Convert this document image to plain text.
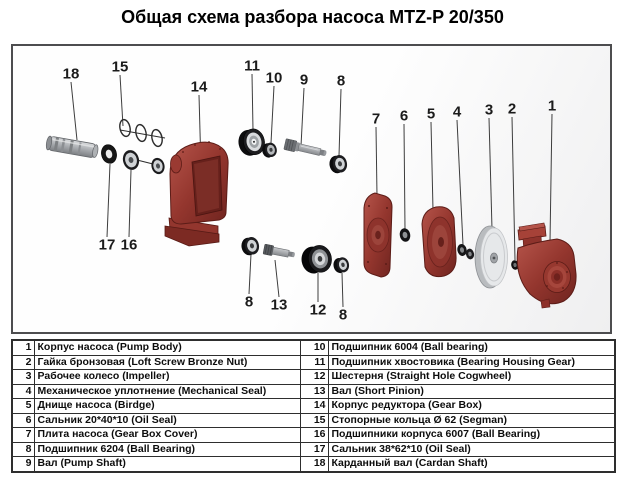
Общая схема разбора насоса MTZ-P 20/350
18 15
14
11
10 9 8
7 6 5 4 3 2 1
17 16
8 13 12 8
1	Корпус насоса (Pump Body)	10	Подшипник 6004 (Ball bearing)
2	Гайка бронзовая (Loft Screw Bronze Nut)	11	Подшипник хвостовика (Bearing Housing Gear)
3	Рабочее колесо (Impeller)	12	Шестерня (Straight Hole Cogwheel)
4	Механическое уплотнение (Mechanical Seal)	13	Вал (Short Pinion)
5	Днище насоса (Birdge)	14	Корпус редуктора (Gear Box)
6	Сальник 20*40*10 (Oil Seal)	15	Стопорные кольца Ø 62 (Segman)
7	Плита насоса (Gear Box Cover)	16	Подшипники корпуса 6007 (Ball Bearing)
8	Подшипник 6204 (Ball Bearing)	17	Сальник 38*62*10 (Oil Seal)
9	Вал (Pump Shaft)	18	Карданный вал (Cardan Shaft)
